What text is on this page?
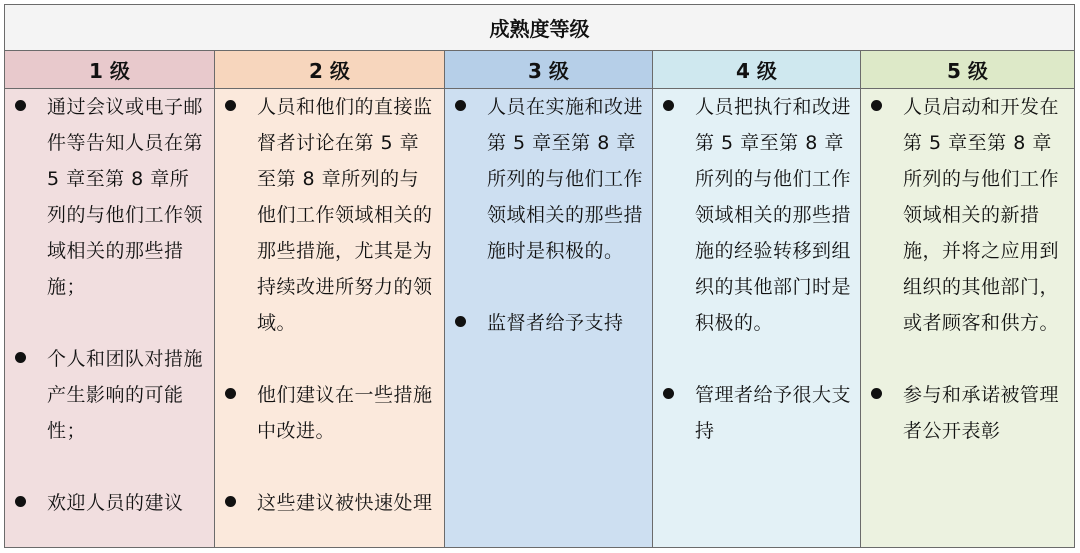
成熟度等级
1 级
通过会议或电子邮件等告知人员在第 5 章至第 8 章所列的与他们工作领域相关的那些措施；
个人和团队对措施产生影响的可能性；
欢迎人员的建议
2 级
人员和他们的直接监督者讨论在第 5 章至第 8 章所列的与他们工作领域相关的那些措施，尤其是为持续改进所努力的领域。
他们建议在一些措施中改进。
这些建议被快速处理
3 级
人员在实施和改进第 5 章至第 8 章所列的与他们工作领域相关的那些措施时是积极的。
监督者给予支持
4 级
人员把执行和改进第 5 章至第 8 章所列的与他们工作领域相关的那些措施的经验转移到组织的其他部门时是积极的。
管理者给予很大支持
5 级
人员启动和开发在第 5 章至第 8 章所列的与他们工作领域相关的新措施，并将之应用到组织的其他部门，或者顾客和供方。
参与和承诺被管理者公开表彰
